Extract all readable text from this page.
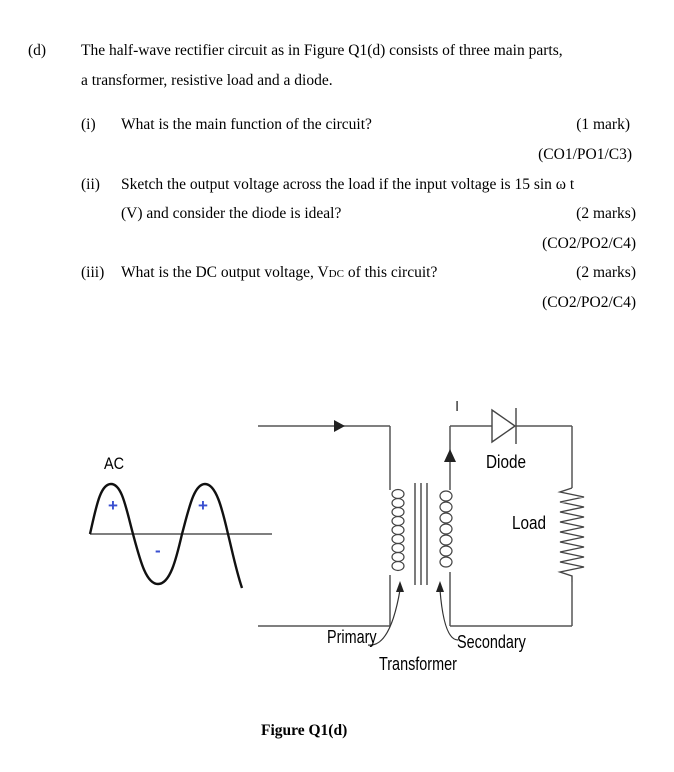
(d) The half-wave rectifier circuit as in Figure Q1(d) consists of three main parts,
a transformer, resistive load and a diode.
(i) What is the main function of the circuit?	(1 mark)
(CO1/PO1/C3)
(ii) Sketch the output voltage across the load if the input voltage is 15 sin ω t
(V) and consider the diode is ideal?	(2 marks)
(CO2/PO2/C4)
(iii) What is the DC output voltage, VDC of this circuit?	(2 marks)
(CO2/PO2/C4)
AC
+	+
-
I
Diode
Load
Primary	Secondary
Transformer
Figure Q1(d)
